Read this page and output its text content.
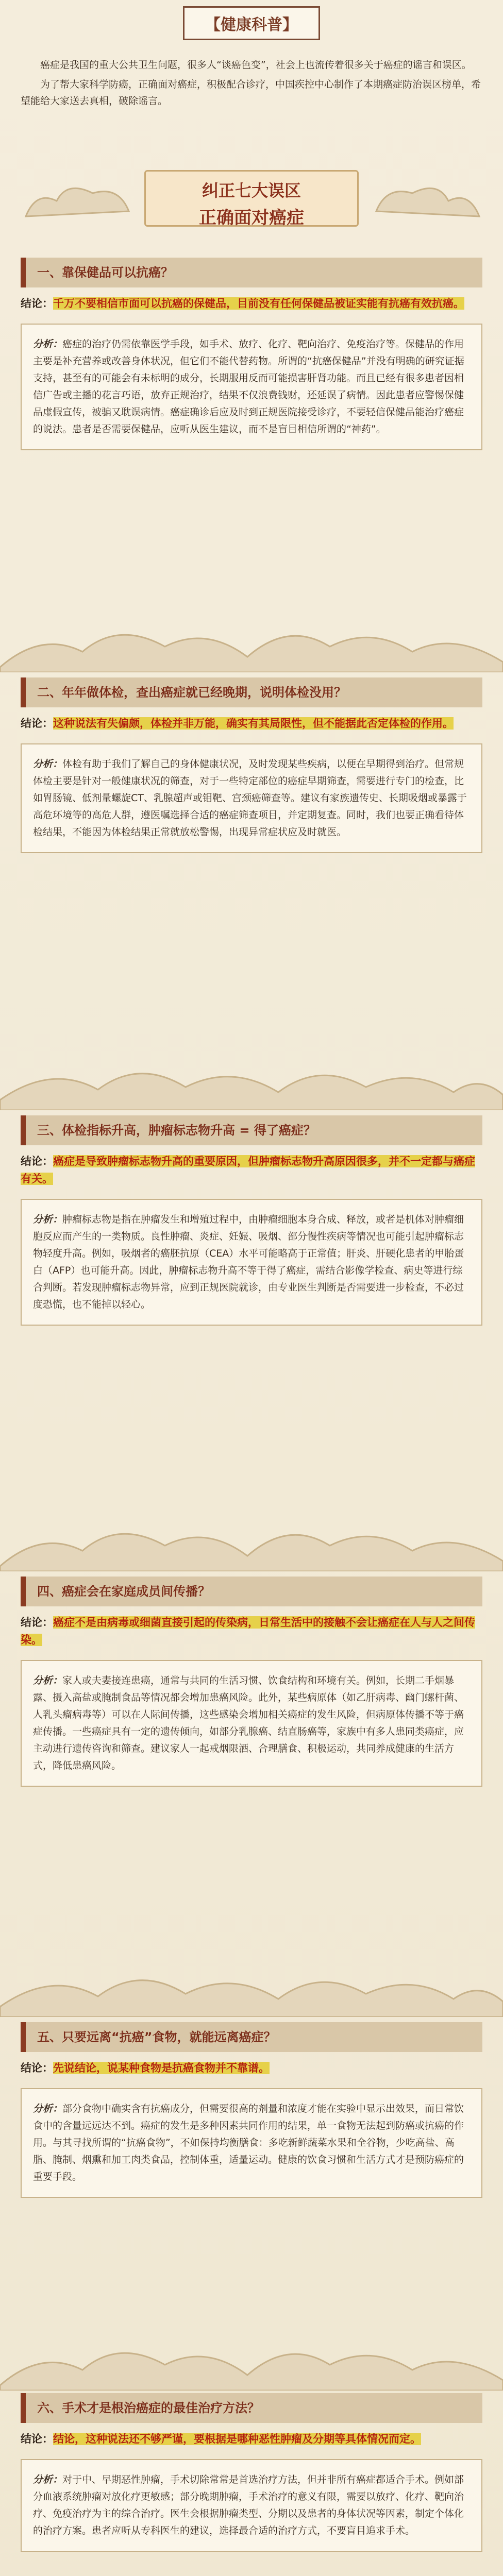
【健康科普】

癌症是我国的重大公共卫生问题，很多人“谈癌色变”，社会上也流传着很多关于癌症的谣言和误区。

为了帮大家科学防癌，正确面对癌症，积极配合诊疗，中国疾控中心制作了本期癌症防治误区榜单，希望能给大家送去真相，破除谣言。

纠正七大误区
正确面对癌症
一、靠保健品可以抗癌？
结论：千万不要相信市面可以抗癌的保健品，目前没有任何保健品被证实能有抗癌有效抗癌。
分析：癌症的治疗仍需依靠医学手段，如手术、放疗、化疗、靶向治疗、免疫治疗等。保健品的作用主要是补充营养或改善身体状况，但它们不能代替药物。所谓的“抗癌保健品”并没有明确的研究证据支持，甚至有的可能会有未标明的成分，长期服用反而可能损害肝肾功能。而且已经有很多患者因相信广告或主播的花言巧语，放弃正规治疗，结果不仅浪费钱财，还延误了病情。因此患者应警惕保健品虚假宣传，被骗又耽误病情。癌症确诊后应及时到正规医院接受诊疗，不要轻信保健品能治疗癌症的说法。患者是否需要保健品，应听从医生建议，而不是盲目相信所谓的“神药”。
二、年年做体检，查出癌症就已经晚期，说明体检没用？
结论：这种说法有失偏颇，体检并非万能，确实有其局限性，但不能据此否定体检的作用。
分析：体检有助于我们了解自己的身体健康状况，及时发现某些疾病，以便在早期得到治疗。但常规体检主要是针对一般健康状况的筛查，对于一些特定部位的癌症早期筛查，需要进行专门的检查，比如胃肠镜、低剂量螺旋CT、乳腺超声或钼靶、宫颈癌筛查等。建议有家族遗传史、长期吸烟或暴露于高危环境等的高危人群，遵医嘱选择合适的癌症筛查项目，并定期复查。同时，我们也要正确看待体检结果，不能因为体检结果正常就放松警惕，出现异常症状应及时就医。
三、体检指标升高，肿瘤标志物升高 = 得了癌症？
结论：癌症是导致肿瘤标志物升高的重要原因，但肿瘤标志物升高原因很多，并不一定都与癌症有关。
分析：肿瘤标志物是指在肿瘤发生和增殖过程中，由肿瘤细胞本身合成、释放，或者是机体对肿瘤细胞反应而产生的一类物质。良性肿瘤、炎症、妊娠、吸烟、部分慢性疾病等情况也可能引起肿瘤标志物轻度升高。例如，吸烟者的癌胚抗原（CEA）水平可能略高于正常值；肝炎、肝硬化患者的甲胎蛋白（AFP）也可能升高。因此，肿瘤标志物升高不等于得了癌症，需结合影像学检查、病史等进行综合判断。若发现肿瘤标志物异常，应到正规医院就诊，由专业医生判断是否需要进一步检查，不必过度恐慌，也不能掉以轻心。
四、癌症会在家庭成员间传播？
结论：癌症不是由病毒或细菌直接引起的传染病，日常生活中的接触不会让癌症在人与人之间传染。
分析：家人或夫妻接连患癌，通常与共同的生活习惯、饮食结构和环境有关。例如，长期二手烟暴露、摄入高盐或腌制食品等情况都会增加患癌风险。此外，某些病原体（如乙肝病毒、幽门螺杆菌、人乳头瘤病毒等）可以在人际间传播，这些感染会增加相关癌症的发生风险，但病原体传播不等于癌症传播。一些癌症具有一定的遗传倾向，如部分乳腺癌、结直肠癌等，家族中有多人患同类癌症，应主动进行遗传咨询和筛查。建议家人一起戒烟限酒、合理膳食、积极运动，共同养成健康的生活方式，降低患癌风险。
五、只要远离“抗癌”食物，就能远离癌症？
结论：先说结论，说某种食物是抗癌食物并不靠谱。
分析：部分食物中确实含有抗癌成分，但需要很高的剂量和浓度才能在实验中显示出效果，而日常饮食中的含量远远达不到。癌症的发生是多种因素共同作用的结果，单一食物无法起到防癌或抗癌的作用。与其寻找所谓的“抗癌食物”，不如保持均衡膳食：多吃新鲜蔬菜水果和全谷物，少吃高盐、高脂、腌制、烟熏和加工肉类食品，控制体重，适量运动。健康的饮食习惯和生活方式才是预防癌症的重要手段。
六、手术才是根治癌症的最佳治疗方法？
结论：结论，这种说法还不够严谨，要根据是哪种恶性肿瘤及分期等具体情况而定。
分析：对于中、早期恶性肿瘤，手术切除常常是首选治疗方法，但并非所有癌症都适合手术。例如部分血液系统肿瘤对放化疗更敏感；部分晚期肿瘤，手术治疗的意义有限，需要以放疗、化疗、靶向治疗、免疫治疗为主的综合治疗。医生会根据肿瘤类型、分期以及患者的身体状况等因素，制定个体化的治疗方案。患者应听从专科医生的建议，选择最合适的治疗方式，不要盲目追求手术。
